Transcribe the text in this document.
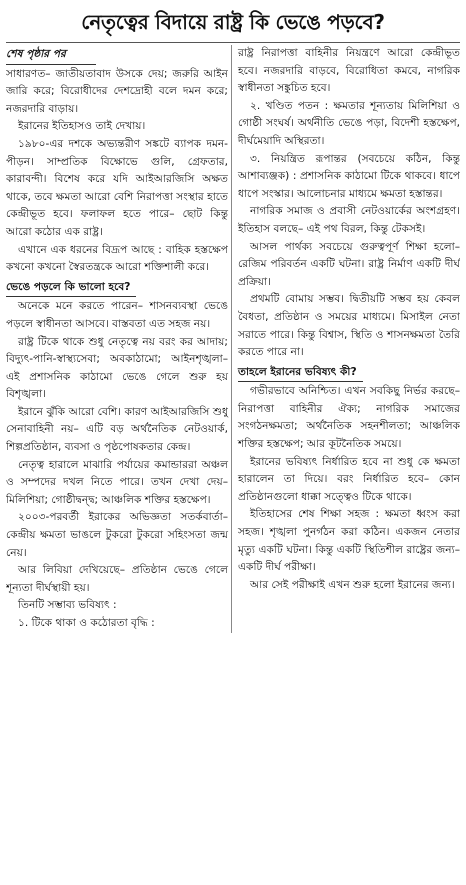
নেতৃত্বের বিদায়ে রাষ্ট্র কি ভেঙে পড়বে?
শেষ পৃষ্ঠার পর

সাধারণত– জাতীয়তাবাদ উসকে দেয়; জরুরি আইন জারি করে; বিরোধীদের দেশদ্রোহী বলে দমন করে; নজরদারি বাড়ায়।

ইরানের ইতিহাসও তাই দেখায়।

১৯৮০-এর দশকে অভ্যন্তরীণ সঙ্কটে ব্যাপক দমন-পীড়ন। সাম্প্রতিক বিক্ষোভে গুলি, গ্রেফতার, কারাবন্দী। বিশেষ করে যদি আইআরজিসি অক্ষত থাকে, তবে ক্ষমতা আরো বেশি নিরাপত্তা সংস্থার হাতে কেন্দ্রীভূত হবে। ফলাফল হতে পারে– ছোট কিন্তু আরো কঠোর এক রাষ্ট্র।

এখানে এক ধরনের বিদ্রূপ আছে : বাহিক হস্তক্ষেপ কখনো কখনো স্বৈরতন্ত্রকে আরো শক্তিশালী করে।

ভেঙে পড়লে কি ভালো হবে?

অনেকে মনে করতে পারেন– শাসনব্যবস্থা ভেঙে পড়লে স্বাধীনতা আসবে। বাস্তবতা এত সহজ নয়।

রাষ্ট্র টিকে থাকে শুধু নেতৃত্বে নয় বরং কর আদায়; বিদ্যুৎ-পানি-স্বাস্থ্যসেবা; অবকাঠামো; আইনশৃঙ্খলা– এই প্রশাসনিক কাঠামো ভেঙে গেলে শুরু হয় বিশৃঙ্খলা।

ইরানে ঝুঁকি আরো বেশি। কারণ আইআরজিসি শুধু সেনাবাহিনী নয়– এটি বড় অর্থনৈতিক নেটওয়ার্ক, শিল্পপ্রতিষ্ঠান, ব্যবসা ও পৃষ্ঠপোষকতার কেন্দ্র।

নেতৃত্ব হারালে মাঝারি পর্যায়ের কমান্ডাররা অঞ্চল ও সম্পদের দখল নিতে পারে। তখন দেখা দেয়– মিলিশিয়া; গোষ্ঠীদ্বন্দ্ব; আঞ্চলিক শক্তির হস্তক্ষেপ।

২০০৩-পরবর্তী ইরাকের অভিজ্ঞতা সতর্কবার্তা– কেন্দ্রীয় ক্ষমতা ভাঙলে টুকরো টুকরো সহিংসতা জন্ম নেয়।

আর লিবিয়া দেখিয়েছে– প্রতিষ্ঠান ভেঙে গেলে শূন্যতা দীর্ঘস্থায়ী হয়।

তিনটি সম্ভাব্য ভবিষ্যৎ :

১. টিকে থাকা ও কঠোরতা বৃদ্ধি :

রাষ্ট্র নিরাপত্তা বাহিনীর নিয়ন্ত্রণে আরো কেন্দ্রীভূত হবে। নজরদারি বাড়বে, বিরোধিতা কমবে, নাগরিক স্বাধীনতা সঙ্কুচিত হবে।

২. খণ্ডিত পতন : ক্ষমতার শূন্যতায় মিলিশিয়া ও গোষ্ঠী সংঘর্ষ। অর্থনীতি ভেঙে পড়া, বিদেশী হস্তক্ষেপ, দীর্ঘমেয়াদি অস্থিরতা।

৩. নিয়ন্ত্রিত রূপান্তর (সবচেয়ে কঠিন, কিন্তু আশাব্যঞ্জক) : প্রশাসনিক কাঠামো টিকে থাকবে। ধাপে ধাপে সংস্কার। আলোচনার মাধ্যমে ক্ষমতা হস্তান্তর।

নাগরিক সমাজ ও প্রবাসী নেটওয়ার্কের অংশগ্রহণ। ইতিহাস বলছে– এই পথ বিরল, কিন্তু টেকসই।

আসল পার্থক্য সবচেয়ে গুরুত্বপূর্ণ শিক্ষা হলো– রেজিম পরিবর্তন একটি ঘটনা। রাষ্ট্র নির্মাণ একটি দীর্ঘ প্রক্রিয়া।

প্রথমটি বোমায় সম্ভব। দ্বিতীয়টি সম্ভব হয় কেবল বৈধতা, প্রতিষ্ঠান ও সময়ের মাধ্যমে। মিসাইল নেতা সরাতে পারে। কিন্তু বিশ্বাস, স্থিতি ও শাসনক্ষমতা তৈরি করতে পারে না।

তাহলে ইরানের ভবিষ্যৎ কী?

গভীরভাবে অনিশ্চিত। এখন সবকিছু নির্ভর করছে– নিরাপত্তা বাহিনীর ঐক্য; নাগরিক সমাজের সংগঠনক্ষমতা; অর্থনৈতিক সহনশীলতা; আঞ্চলিক শক্তির হস্তক্ষেপ; আর কূটনৈতিক সময়ে।

ইরানের ভবিষ্যৎ নির্ধারিত হবে না শুধু কে ক্ষমতা হারালেন তা দিয়ে। বরং নির্ধারিত হবে– কোন প্রতিষ্ঠানগুলো ধাক্কা সত্ত্বেও টিকে থাকে।

ইতিহাসের শেষ শিক্ষা সহজ : ক্ষমতা ধ্বংস করা সহজ। শৃঙ্খলা পুনর্গঠন করা কঠিন। একজন নেতার মৃত্যু একটি ঘটনা। কিন্তু একটি স্থিতিশীল রাষ্ট্রের জন্য– একটি দীর্ঘ পরীক্ষা।

আর সেই পরীক্ষাই এখন শুরু হলো ইরানের জন্য।
